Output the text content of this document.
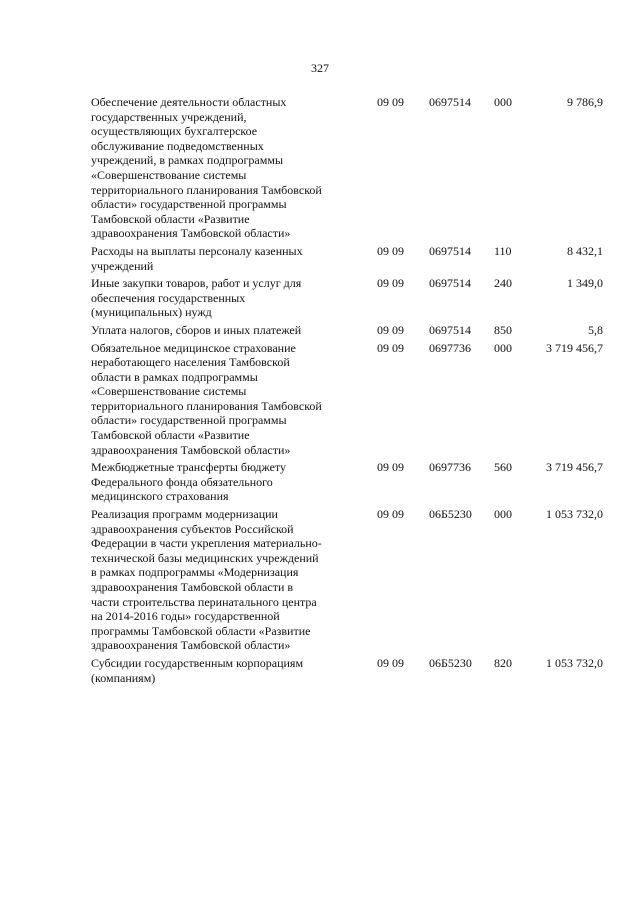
327
Обеспечение деятельности областных
государственных учреждений,
осуществляющих бухгалтерское
обслуживание подведомственных
учреждений, в рамках подпрограммы
«Совершенствование системы
территориального планирования Тамбовской
области» государственной программы
Тамбовской области «Развитие
здравоохранения Тамбовской области»
09 09 0697514 000	9 786,9
Расходы на выплаты персоналу казенных
учреждений
09 09 0697514 110	8 432,1
Иные закупки товаров, работ и услуг для
обеспечения государственных
(муниципальных) нужд
09 09 0697514 240	1 349,0
Уплата налогов, сборов и иных платежей	09 09 0697514 850	5,8
Обязательное медицинское страхование
неработающего населения Тамбовской
области в рамках подпрограммы
«Совершенствование системы
территориального планирования Тамбовской
области» государственной программы
Тамбовской области «Развитие
здравоохранения Тамбовской области»
09 09 0697736 000	3 719 456,7
Межбюджетные трансферты бюджету
Федерального фонда обязательного
медицинского страхования
09 09 0697736 560	3 719 456,7
Реализация программ модернизации
здравоохранения субъектов Российской
Федерации в части укрепления материально-
технической базы медицинских учреждений
в рамках подпрограммы «Модернизация
здравоохранения Тамбовской области в
части строительства перинатального центра
на 2014-2016 годы» государственной
программы Тамбовской области «Развитие
здравоохранения Тамбовской области»
09 09 06Б5230 000	1 053 732,0
Субсидии государственным корпорациям
(компаниям)
09 09 06Б5230 820	1 053 732,0
